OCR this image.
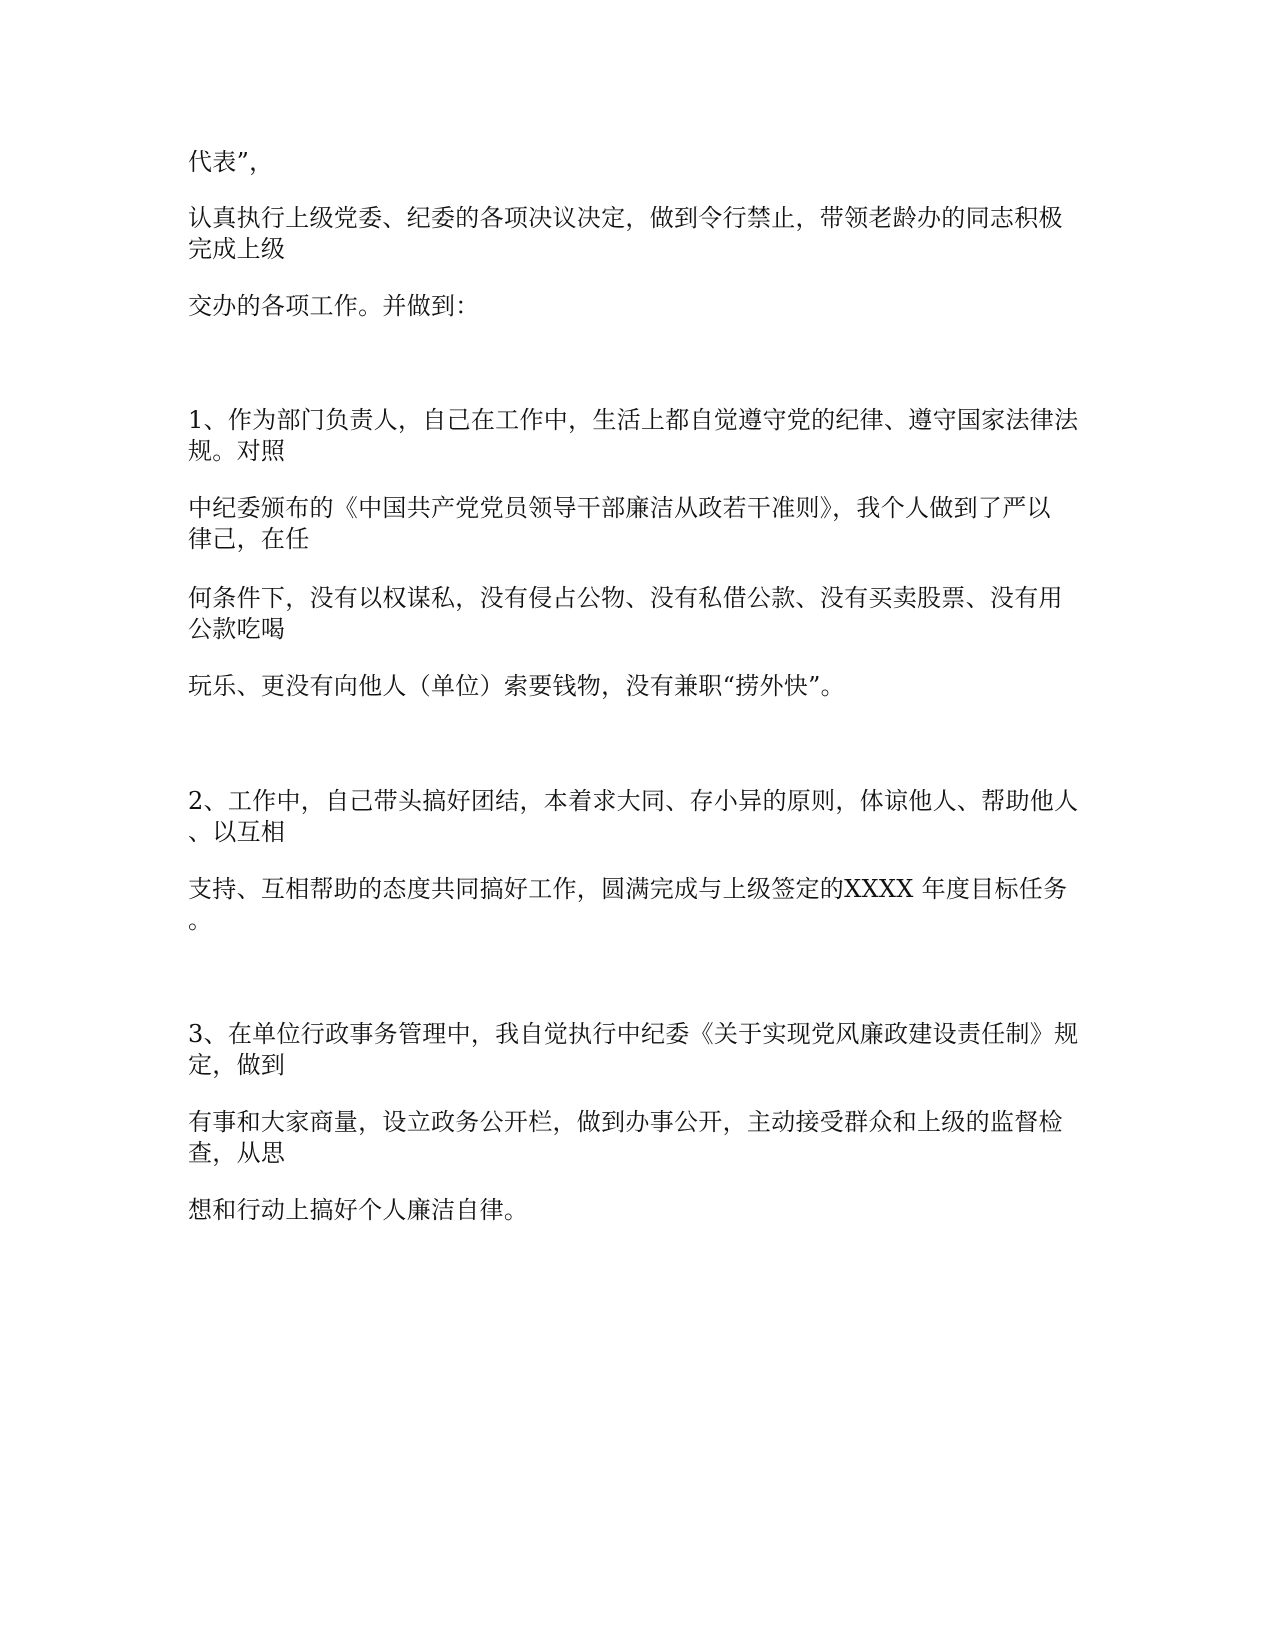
代表”，
认真执行上级党委、纪委的各项决议决定，做到令行禁止，带领老龄办的同志积极
完成上级
交办的各项工作。并做到：
1、作为部门负责人，自己在工作中，生活上都自觉遵守党的纪律、遵守国家法律法
规。对照
中纪委颁布的《中国共产党党员领导干部廉洁从政若干准则》，我个人做到了严以
律己，在任
何条件下，没有以权谋私，没有侵占公物、没有私借公款、没有买卖股票、没有用
公款吃喝
玩乐、更没有向他人（单位）索要钱物，没有兼职“捞外快”。
2、工作中，自己带头搞好团结，本着求大同、存小异的原则，体谅他人、帮助他人
、以互相
支持、互相帮助的态度共同搞好工作，圆满完成与上级签定的XXXX 年度目标任务
。
3、在单位行政事务管理中，我自觉执行中纪委《关于实现党风廉政建设责任制》规
定，做到
有事和大家商量，设立政务公开栏，做到办事公开，主动接受群众和上级的监督检
查，从思
想和行动上搞好个人廉洁自律。
